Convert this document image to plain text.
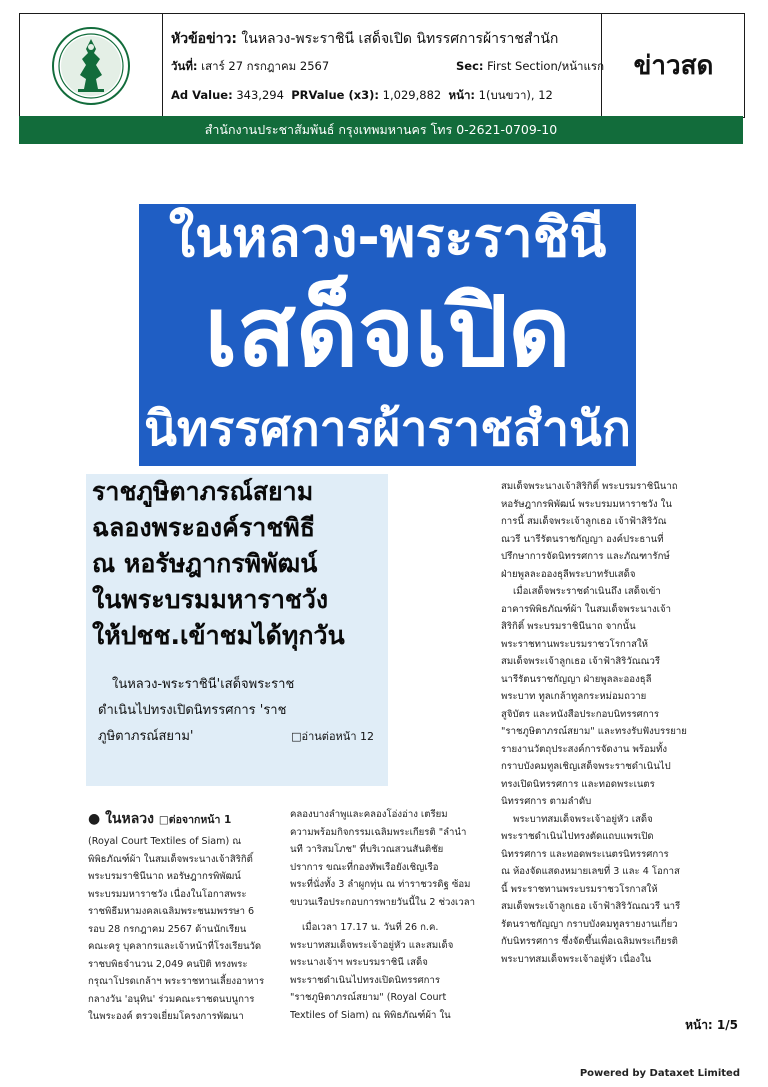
หัวข้อข่าว: ในหลวง-พระราชินี เสด็จเปิด นิทรรศการผ้าราชสำนัก
วันที่: เสาร์ 27 กรกฎาคม 2567	Sec: First Section/หน้าแรก
Ad Value: 343,294 PRValue (x3): 1,029,882 หน้า: 1(บนขวา), 12
ข่าวสด
สำนักงานประชาสัมพันธ์ กรุงเทพมหานคร โทร 0-2621-0709-10
ในหลวง-พระราชินี
เสด็จเปิด
นิทรรศการผ้าราชสำนัก
ราชภูษิตาภรณ์สยาม
ฉลองพระองค์ราชพิธี
ณ หอรัษฎากรพิพัฒน์
ในพระบรมมหาราชวัง
ให้ปชช.เข้าชมได้ทุกวัน
ในหลวง-พระราชินี'เสด็จพระราช
ดำเนินไปทรงเปิดนิทรรศการ 'ราช
ภูษิตาภรณ์สยาม'	□อ่านต่อหน้า 12
● ในหลวง □ต่อจากหน้า 1
(Royal Court Textiles of Siam) ณ
พิพิธภัณฑ์ผ้า ในสมเด็จพระนางเจ้าสิริกิติ์
พระบรมราชินีนาถ หอรัษฎากรพิพัฒน์
พระบรมมหาราชวัง เนื่องในโอกาสพระ
ราชพิธีมหามงคลเฉลิมพระชนมพรรษา 6
รอบ 28 กรกฎาคม 2567 ด้านนักเรียน
คณะครู บุคลากรและเจ้าหน้าที่โรงเรียนวัด
ราชบพิธจำนวน 2,049 คนปิติ ทรงพระ
กรุณาโปรดเกล้าฯ พระราชทานเลี้ยงอาหาร
กลางวัน 'อนุทิน' ร่วมคณะราชดนบนูการ
ในพระองค์ ตรวจเยี่ยมโครงการพัฒนา
คลองบางลำพูและคลองโอ่งอ่าง เตรียม
ความพร้อมกิจกรรมเฉลิมพระเกียรติ "ลำนำ
นที วาริสมโภช" ที่บริเวณสวนสันติชัย
ปราการ ขณะที่กองทัพเรือยังเชิญเรือ
พระที่นั่งทั้ง 3 ลำผูกทุ่น ณ ท่าราชวรดิฐ ซ้อม
ขบวนเรือประกอบการพายวันนี้ใน 2 ช่วงเวลา
เมื่อเวลา 17.17 น. วันที่ 26 ก.ค.
พระบาทสมเด็จพระเจ้าอยู่หัว และสมเด็จ
พระนางเจ้าฯ พระบรมราชินี เสด็จ
พระราชดำเนินไปทรงเปิดนิทรรศการ
"ราชภูษิตาภรณ์สยาม" (Royal Court
Textiles of Siam) ณ พิพิธภัณฑ์ผ้า ใน
สมเด็จพระนางเจ้าสิริกิติ์ พระบรมราชินีนาถ
หอรัษฎากรพิพัฒน์ พระบรมมหาราชวัง ใน
การนี้ สมเด็จพระเจ้าลูกเธอ เจ้าฟ้าสิริวัณ
ณวรี นารีรัตนราชกัญญา องค์ประธานที่
ปรึกษาการจัดนิทรรศการ และภัณฑารักษ์
ฝ่ายพูลละอองธุลีพระบาทรับเสด็จ
เมื่อเสด็จพระราชดำเนินถึง เสด็จเข้า
อาคารพิพิธภัณฑ์ผ้า ในสมเด็จพระนางเจ้า
สิริกิติ์ พระบรมราชินีนาถ จากนั้น
พระราชทานพระบรมราชวโรกาสให้
สมเด็จพระเจ้าลูกเธอ เจ้าฟ้าสิริวัณณวรี
นารีรัตนราชกัญญา ฝ่ายพูลละอองธุลี
พระบาท ทูลเกล้าทูลกระหม่อมถวาย
สูจิบัตร และหนังสือประกอบนิทรรศการ
"ราชภูษิตาภรณ์สยาม" และทรงรับฟังบรรยาย
รายงานวัตถุประสงค์การจัดงาน พร้อมทั้ง
กราบบังคมทูลเชิญเสด็จพระราชดำเนินไป
ทรงเปิดนิทรรศการ และทอดพระเนตร
นิทรรศการ ตามลำดับ
พระบาทสมเด็จพระเจ้าอยู่หัว เสด็จ
พระราชดำเนินไปทรงตัดแถบแพรเปิด
นิทรรศการ และทอดพระเนตรนิทรรศการ
ณ ห้องจัดแสดงหมายเลขที่ 3 และ 4 โอกาส
นี้ พระราชทานพระบรมราชวโรกาสให้
สมเด็จพระเจ้าลูกเธอ เจ้าฟ้าสิริวัณณวรี นารี
รัตนราชกัญญา กราบบังคมทูลรายงานเกี่ยว
กับนิทรรศการ ซึ่งจัดขึ้นเพื่อเฉลิมพระเกียรติ
พระบาทสมเด็จพระเจ้าอยู่หัว เนื่องใน
หน้า: 1/5
Powered by Dataxet Limited
